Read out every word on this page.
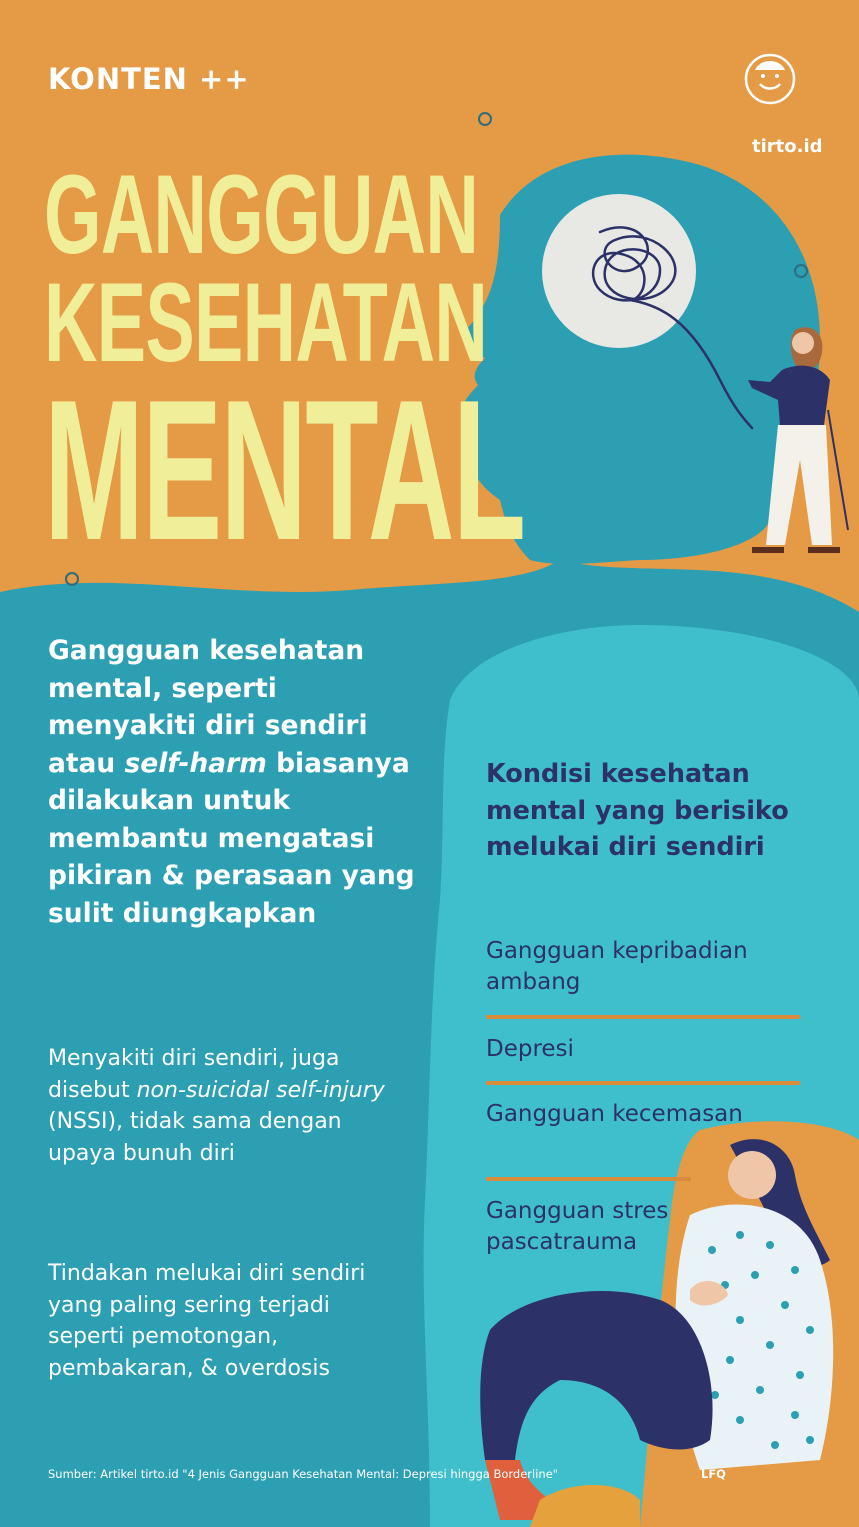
KONTEN ++
GANGGUAN
KESEHATAN
MENTAL
tirto.id
Gangguan kesehatan mental, seperti menyakiti diri sendiri atau self-harm biasanya dilakukan untuk membantu mengatasi pikiran & perasaan yang sulit diungkapkan
Menyakiti diri sendiri, juga disebut non-suicidal self-injury (NSSI), tidak sama dengan upaya bunuh diri
Tindakan melukai diri sendiri yang paling sering terjadi seperti pemotongan, pembakaran, & overdosis
Kondisi kesehatan mental yang berisiko melukai diri sendiri
Gangguan kepribadian ambang
Depresi
Gangguan kecemasan
Gangguan stres pascatrauma
Sumber: Artikel tirto.id "4 Jenis Gangguan Kesehatan Mental: Depresi hingga Borderline"	LFQ
